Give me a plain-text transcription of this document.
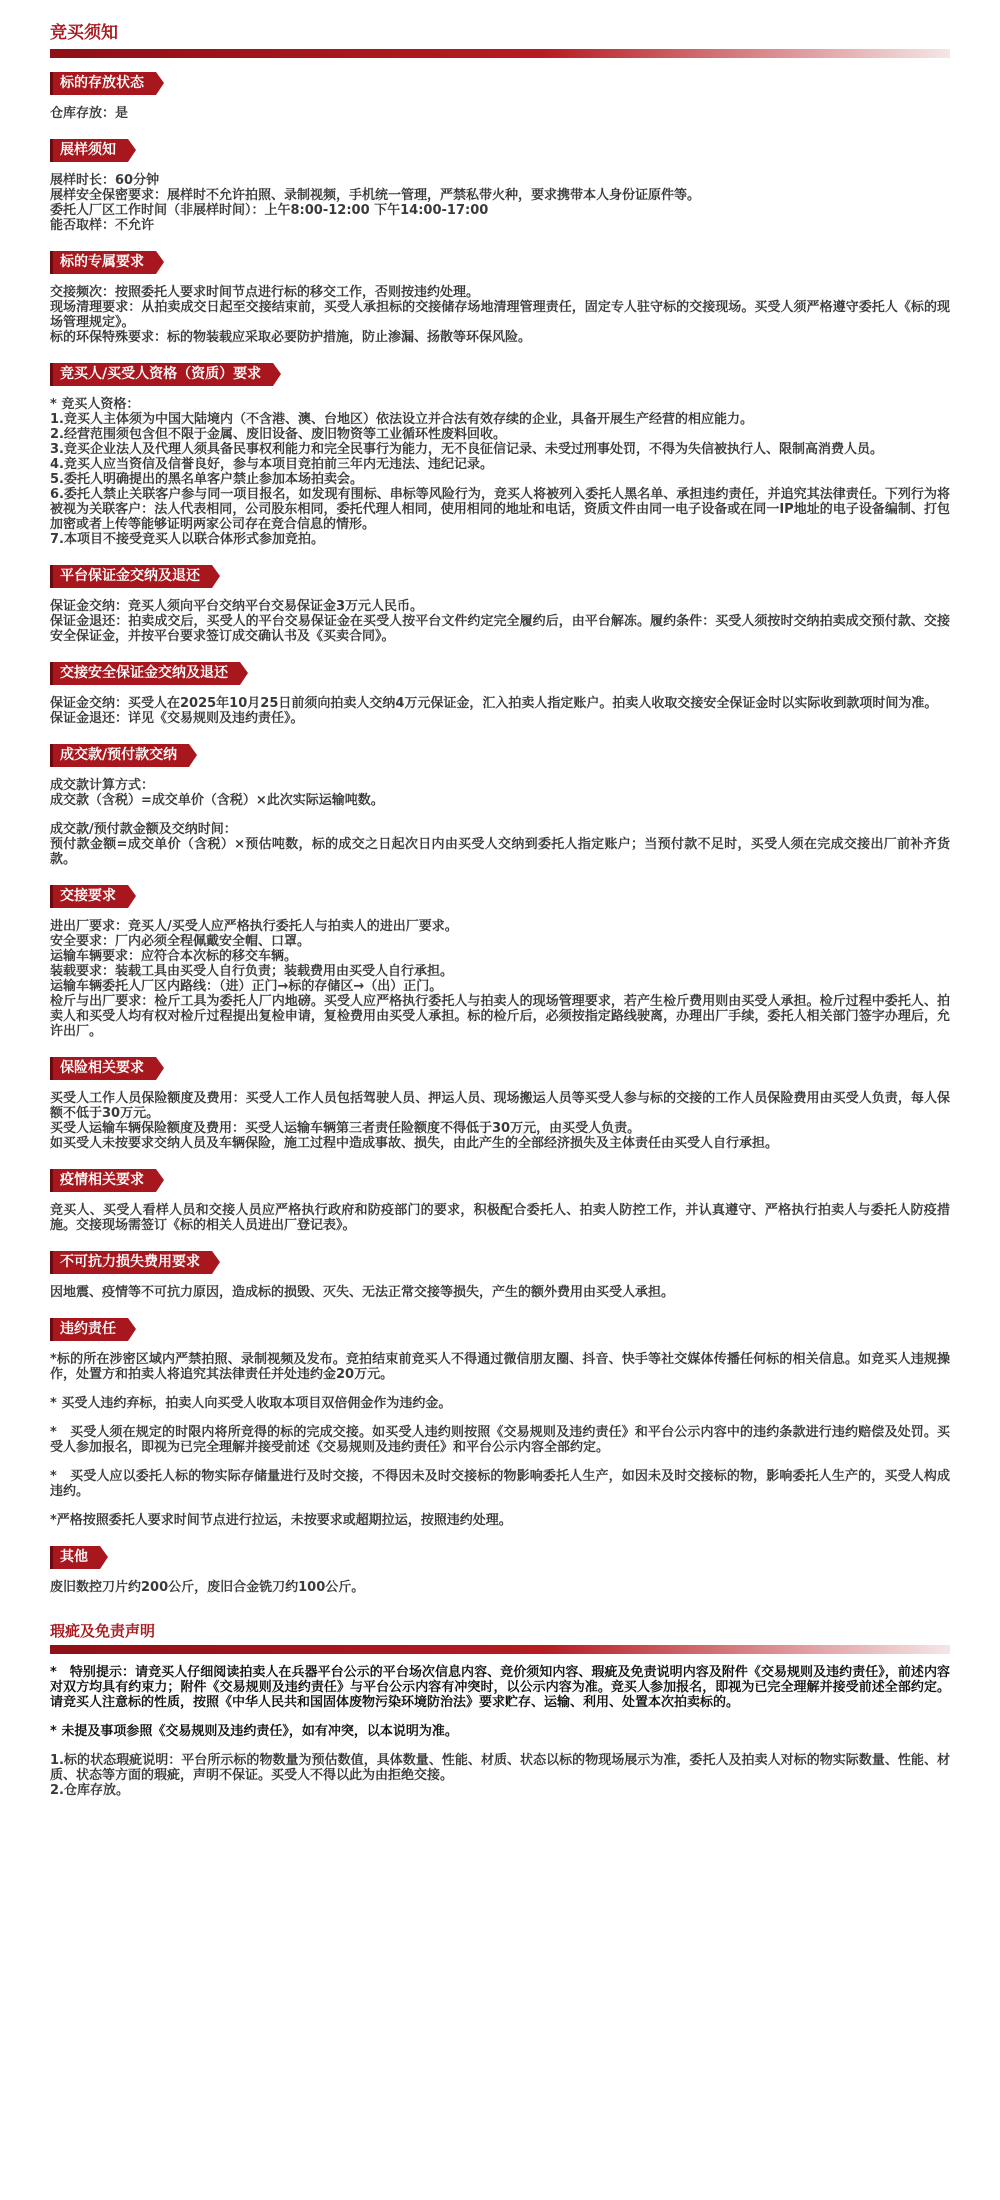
竞买须知
标的存放状态

仓库存放：是

展样须知

展样时长：60分钟

展样安全保密要求：展样时不允许拍照、录制视频，手机统一管理，严禁私带火种，要求携带本人身份证原件等。

委托人厂区工作时间（非展样时间）：上午8:00-12:00 下午14:00-17:00

能否取样：不允许

标的专属要求

交接频次：按照委托人要求时间节点进行标的移交工作，否则按违约处理。

现场清理要求：从拍卖成交日起至交接结束前，买受人承担标的交接储存场地清理管理责任，固定专人驻守标的交接现场。买受人须严格遵守委托人《标的现场管理规定》。

标的环保特殊要求：标的物装载应采取必要防护措施，防止渗漏、扬散等环保风险。

竞买人/买受人资格（资质）要求

* 竞买人资格：

1.竞买人主体须为中国大陆境内（不含港、澳、台地区）依法设立并合法有效存续的企业，具备开展生产经营的相应能力。

2.经营范围须包含但不限于金属、废旧设备、废旧物资等工业循环性废料回收。

3.竞买企业法人及代理人须具备民事权利能力和完全民事行为能力，无不良征信记录、未受过刑事处罚，不得为失信被执行人、限制高消费人员。

4.竞买人应当资信及信誉良好，参与本项目竞拍前三年内无违法、违纪记录。

5.委托人明确提出的黑名单客户禁止参加本场拍卖会。

6.委托人禁止关联客户参与同一项目报名，如发现有围标、串标等风险行为，竞买人将被列入委托人黑名单、承担违约责任，并追究其法律责任。下列行为将被视为关联客户：法人代表相同，公司股东相同，委托代理人相同，使用相同的地址和电话，资质文件由同一电子设备或在同一IP地址的电子设备编制、打包加密或者上传等能够证明两家公司存在竞合信息的情形。

7.本项目不接受竞买人以联合体形式参加竞拍。

平台保证金交纳及退还

保证金交纳：竞买人须向平台交纳平台交易保证金3万元人民币。

保证金退还：拍卖成交后，买受人的平台交易保证金在买受人按平台文件约定完全履约后，由平台解冻。履约条件：买受人须按时交纳拍卖成交预付款、交接安全保证金，并按平台要求签订成交确认书及《买卖合同》。

交接安全保证金交纳及退还

保证金交纳：买受人在2025年10月25日前须向拍卖人交纳4万元保证金，汇入拍卖人指定账户。拍卖人收取交接安全保证金时以实际收到款项时间为准。

保证金退还：详见《交易规则及违约责任》。

成交款/预付款交纳

成交款计算方式：

成交款（含税）=成交单价（含税）×此次实际运输吨数。

成交款/预付款金额及交纳时间：

预付款金额=成交单价（含税）×预估吨数，标的成交之日起次日内由买受人交纳到委托人指定账户；当预付款不足时，买受人须在完成交接出厂前补齐货款。

交接要求

进出厂要求：竞买人/买受人应严格执行委托人与拍卖人的进出厂要求。

安全要求：厂内必须全程佩戴安全帽、口罩。

运输车辆要求：应符合本次标的移交车辆。

装载要求：装载工具由买受人自行负责；装载费用由买受人自行承担。

运输车辆委托人厂区内路线：（进）正门→标的存储区→（出）正门。

检斤与出厂要求：检斤工具为委托人厂内地磅。买受人应严格执行委托人与拍卖人的现场管理要求，若产生检斤费用则由买受人承担。检斤过程中委托人、拍卖人和买受人均有权对检斤过程提出复检申请，复检费用由买受人承担。标的检斤后，必须按指定路线驶离，办理出厂手续，委托人相关部门签字办理后，允许出厂。

保险相关要求

买受人工作人员保险额度及费用：买受人工作人员包括驾驶人员、押运人员、现场搬运人员等买受人参与标的交接的工作人员保险费用由买受人负责，每人保额不低于30万元。

买受人运输车辆保险额度及费用：买受人运输车辆第三者责任险额度不得低于30万元，由买受人负责。

如买受人未按要求交纳人员及车辆保险，施工过程中造成事故、损失，由此产生的全部经济损失及主体责任由买受人自行承担。

疫情相关要求

竞买人、买受人看样人员和交接人员应严格执行政府和防疫部门的要求，积极配合委托人、拍卖人防控工作，并认真遵守、严格执行拍卖人与委托人防疫措施。交接现场需签订《标的相关人员进出厂登记表》。

不可抗力损失费用要求

因地震、疫情等不可抗力原因，造成标的损毁、灭失、无法正常交接等损失，产生的额外费用由买受人承担。

违约责任

*标的所在涉密区域内严禁拍照、录制视频及发布。竞拍结束前竞买人不得通过微信朋友圈、抖音、快手等社交媒体传播任何标的相关信息。如竞买人违规操作，处置方和拍卖人将追究其法律责任并处违约金20万元。

* 买受人违约弃标，拍卖人向买受人收取本项目双倍佣金作为违约金。

*　买受人须在规定的时限内将所竞得的标的完成交接。如买受人违约则按照《交易规则及违约责任》和平台公示内容中的违约条款进行违约赔偿及处罚。买受人参加报名，即视为已完全理解并接受前述《交易规则及违约责任》和平台公示内容全部约定。

*　买受人应以委托人标的物实际存储量进行及时交接，不得因未及时交接标的物影响委托人生产，如因未及时交接标的物，影响委托人生产的，买受人构成违约。

*严格按照委托人要求时间节点进行拉运，未按要求或超期拉运，按照违约处理。

其他

废旧数控刀片约200公斤，废旧合金铣刀约100公斤。

瑕疵及免责声明

*　特别提示：请竞买人仔细阅读拍卖人在兵器平台公示的平台场次信息内容、竞价须知内容、瑕疵及免责说明内容及附件《交易规则及违约责任》，前述内容对双方均具有约束力；附件《交易规则及违约责任》与平台公示内容有冲突时，以公示内容为准。竞买人参加报名，即视为已完全理解并接受前述全部约定。请竞买人注意标的性质，按照《中华人民共和国固体废物污染环境防治法》要求贮存、运输、利用、处置本次拍卖标的。

* 未提及事项参照《交易规则及违约责任》，如有冲突，以本说明为准。

1.标的状态瑕疵说明：平台所示标的物数量为预估数值，具体数量、性能、材质、状态以标的物现场展示为准，委托人及拍卖人对标的物实际数量、性能、材质、状态等方面的瑕疵，声明不保证。买受人不得以此为由拒绝交接。

2.仓库存放。
